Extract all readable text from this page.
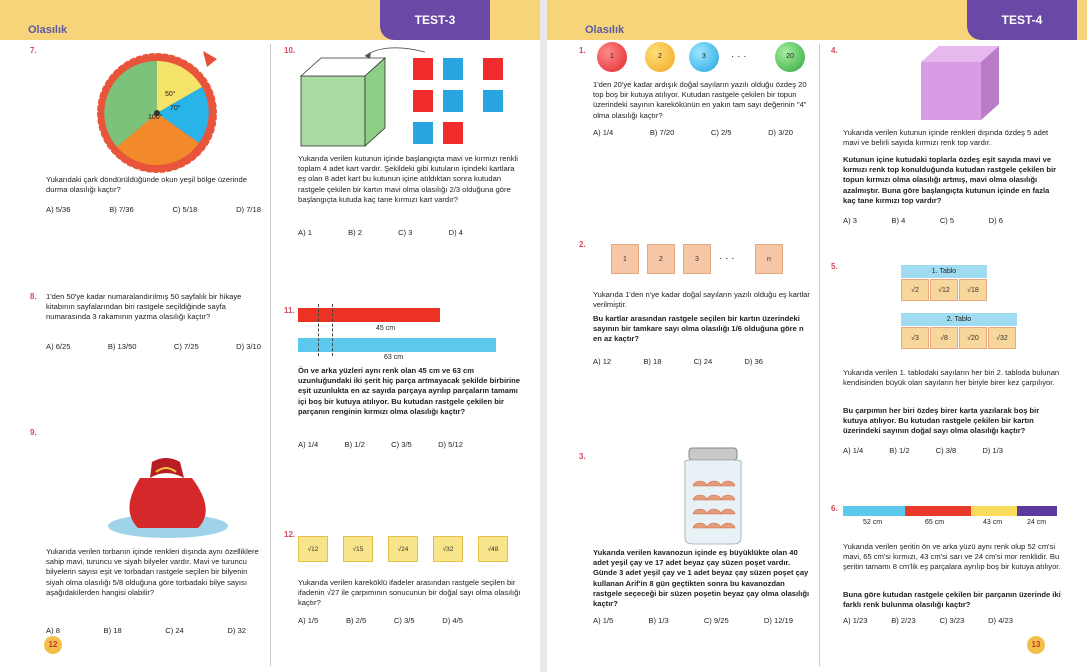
Olasılık
TEST-3
7.
50°
70°
100°
Yukarıdaki çark döndürüldüğünde okun yeşil bölge üzerinde durma olasılığı kaçtır?
A) 5/36	B) 7/36	C) 5/18	D) 7/18
8. 1'den 50'ye kadar numaralandırılmış 50 sayfalık bir hikaye kitabının sayfalarından biri rastgele seçildiğinde sayfa numarasında 3 rakamının yazma olasılığı kaçtır?
A) 6/25	B) 13/50	C) 7/25	D) 3/10
9.
Yukarıda verilen torbanın içinde renkleri dışında aynı özelliklere sahip mavi, turuncu ve siyah bilyeler vardır. Mavi ve turuncu bilyelerin sayısı eşit ve torbadan rastgele seçilen bir bilyenin siyah olma olasılığı 5/8 olduğuna göre torbadaki bilye sayısı aşağıdakilerden hangisi olabilir?
A) 8	B) 18	C) 24	D) 32
12
10.
Yukarıda verilen kutunun içinde başlangıçta mavi ve kırmızı renkli toplam 4 adet kart vardır. Şekildeki gibi kutuların içindeki kartlara eş olan 8 adet kart bu kutunun içine atıldıktan sonra kutudan rastgele çekilen bir kartın mavi olma olasılığı 2/3 olduğuna göre başlangıçta kutuda kaç tane kırmızı kart vardır?
A) 1	B) 2	C) 3	D) 4
11.
45 cm
63 cm
Ön ve arka yüzleri aynı renk olan 45 cm ve 63 cm uzunluğundaki iki şerit hiç parça artmayacak şekilde birbirine eşit uzunlukta en az sayıda parçaya ayrılıp parçaların tamamı içi boş bir kutuya atılıyor. Bu kutudan rastgele çekilen bir parçanın renginin kırmızı olma olasılığı kaçtır?
A) 1/4	B) 1/2	C) 3/5	D) 5/12
12.
√12	√15	√24	√32	√48
Yukarıda verilen kareköklü ifadeler arasından rastgele seçilen bir ifadenin √27 ile çarpımının sonucunun bir doğal sayı olma olasılığı kaçtır?
A) 1/5	B) 2/5	C) 3/5	D) 4/5
Olasılık
TEST-4
1.
1	2	3	· · ·	20
1'den 20'ye kadar ardışık doğal sayıların yazılı olduğu özdeş 20 top boş bir kutuya atılıyor. Kutudan rastgele çekilen bir topun üzerindeki sayının karekökünün en yakın tam sayı değerinin "4" olma olasılığı kaçtır?
A) 1/4	B) 7/20	C) 2/5	D) 3/20
2.
1	2	3	· · ·	n
Yukarıda 1'den n'ye kadar doğal sayıların yazılı olduğu eş kartlar verilmiştir.
Bu kartlar arasından rastgele seçilen bir kartın üzerindeki sayının bir tamkare sayı olma olasılığı 1/6 olduğuna göre n en az kaçtır?
A) 12	B) 18	C) 24	D) 36
3.
Yukarıda verilen kavanozun içinde eş büyüklükte olan 40 adet yeşil çay ve 17 adet beyaz çay süzen poşet vardır. Günde 3 adet yeşil çay ve 1 adet beyaz çay süzen poşet çay kullanan Arif'in 8 gün geçtikten sonra bu kavanozdan rastgele seçeceği bir süzen poşetin beyaz çay olma olasılığı kaçtır?
A) 1/5	B) 1/3	C) 9/25	D) 12/19
4.
Yukarıda verilen kutunun içinde renkleri dışında özdeş 5 adet mavi ve belirli sayıda kırmızı renk top vardır.
Kutunun içine kutudaki toplarla özdeş eşit sayıda mavi ve kırmızı renk top konulduğunda kutudan rastgele çekilen bir topun kırmızı olma olasılığı artmış, mavi olma olasılığı azalmıştır. Buna göre başlangıçta kutunun içinde en fazla kaç tane kırmızı top vardır?
A) 3	B) 4	C) 5	D) 6
5.
1. Tablo
√2	√12	√18
2. Tablo
√3	√8	√20	√32
Yukarıda verilen 1. tablodaki sayıların her biri 2. tabloda bulunan kendisinden büyük olan sayıların her biriyle birer kez çarpılıyor.
Bu çarpımın her biri özdeş birer karta yazılarak boş bir kutuya atılıyor. Bu kutudan rastgele çekilen bir kartın üzerindeki sayının doğal sayı olma olasılığı kaçtır?
A) 1/4	B) 1/2	C) 3/8	D) 1/3
6.
52 cm	65 cm	43 cm	24 cm
Yukarıda verilen şeritin ön ve arka yüzü aynı renk olup 52 cm'si mavi, 65 cm'si kırmızı, 43 cm'si sarı ve 24 cm'si mor renklidir. Bu şeritin tamamı 8 cm'lik eş parçalara ayrılıp boş bir kutuya atılıyor.
Buna göre kutudan rastgele çekilen bir parçanın üzerinde iki farklı renk bulunma olasılığı kaçtır?
A) 1/23	B) 2/23	C) 3/23	D) 4/23
13
